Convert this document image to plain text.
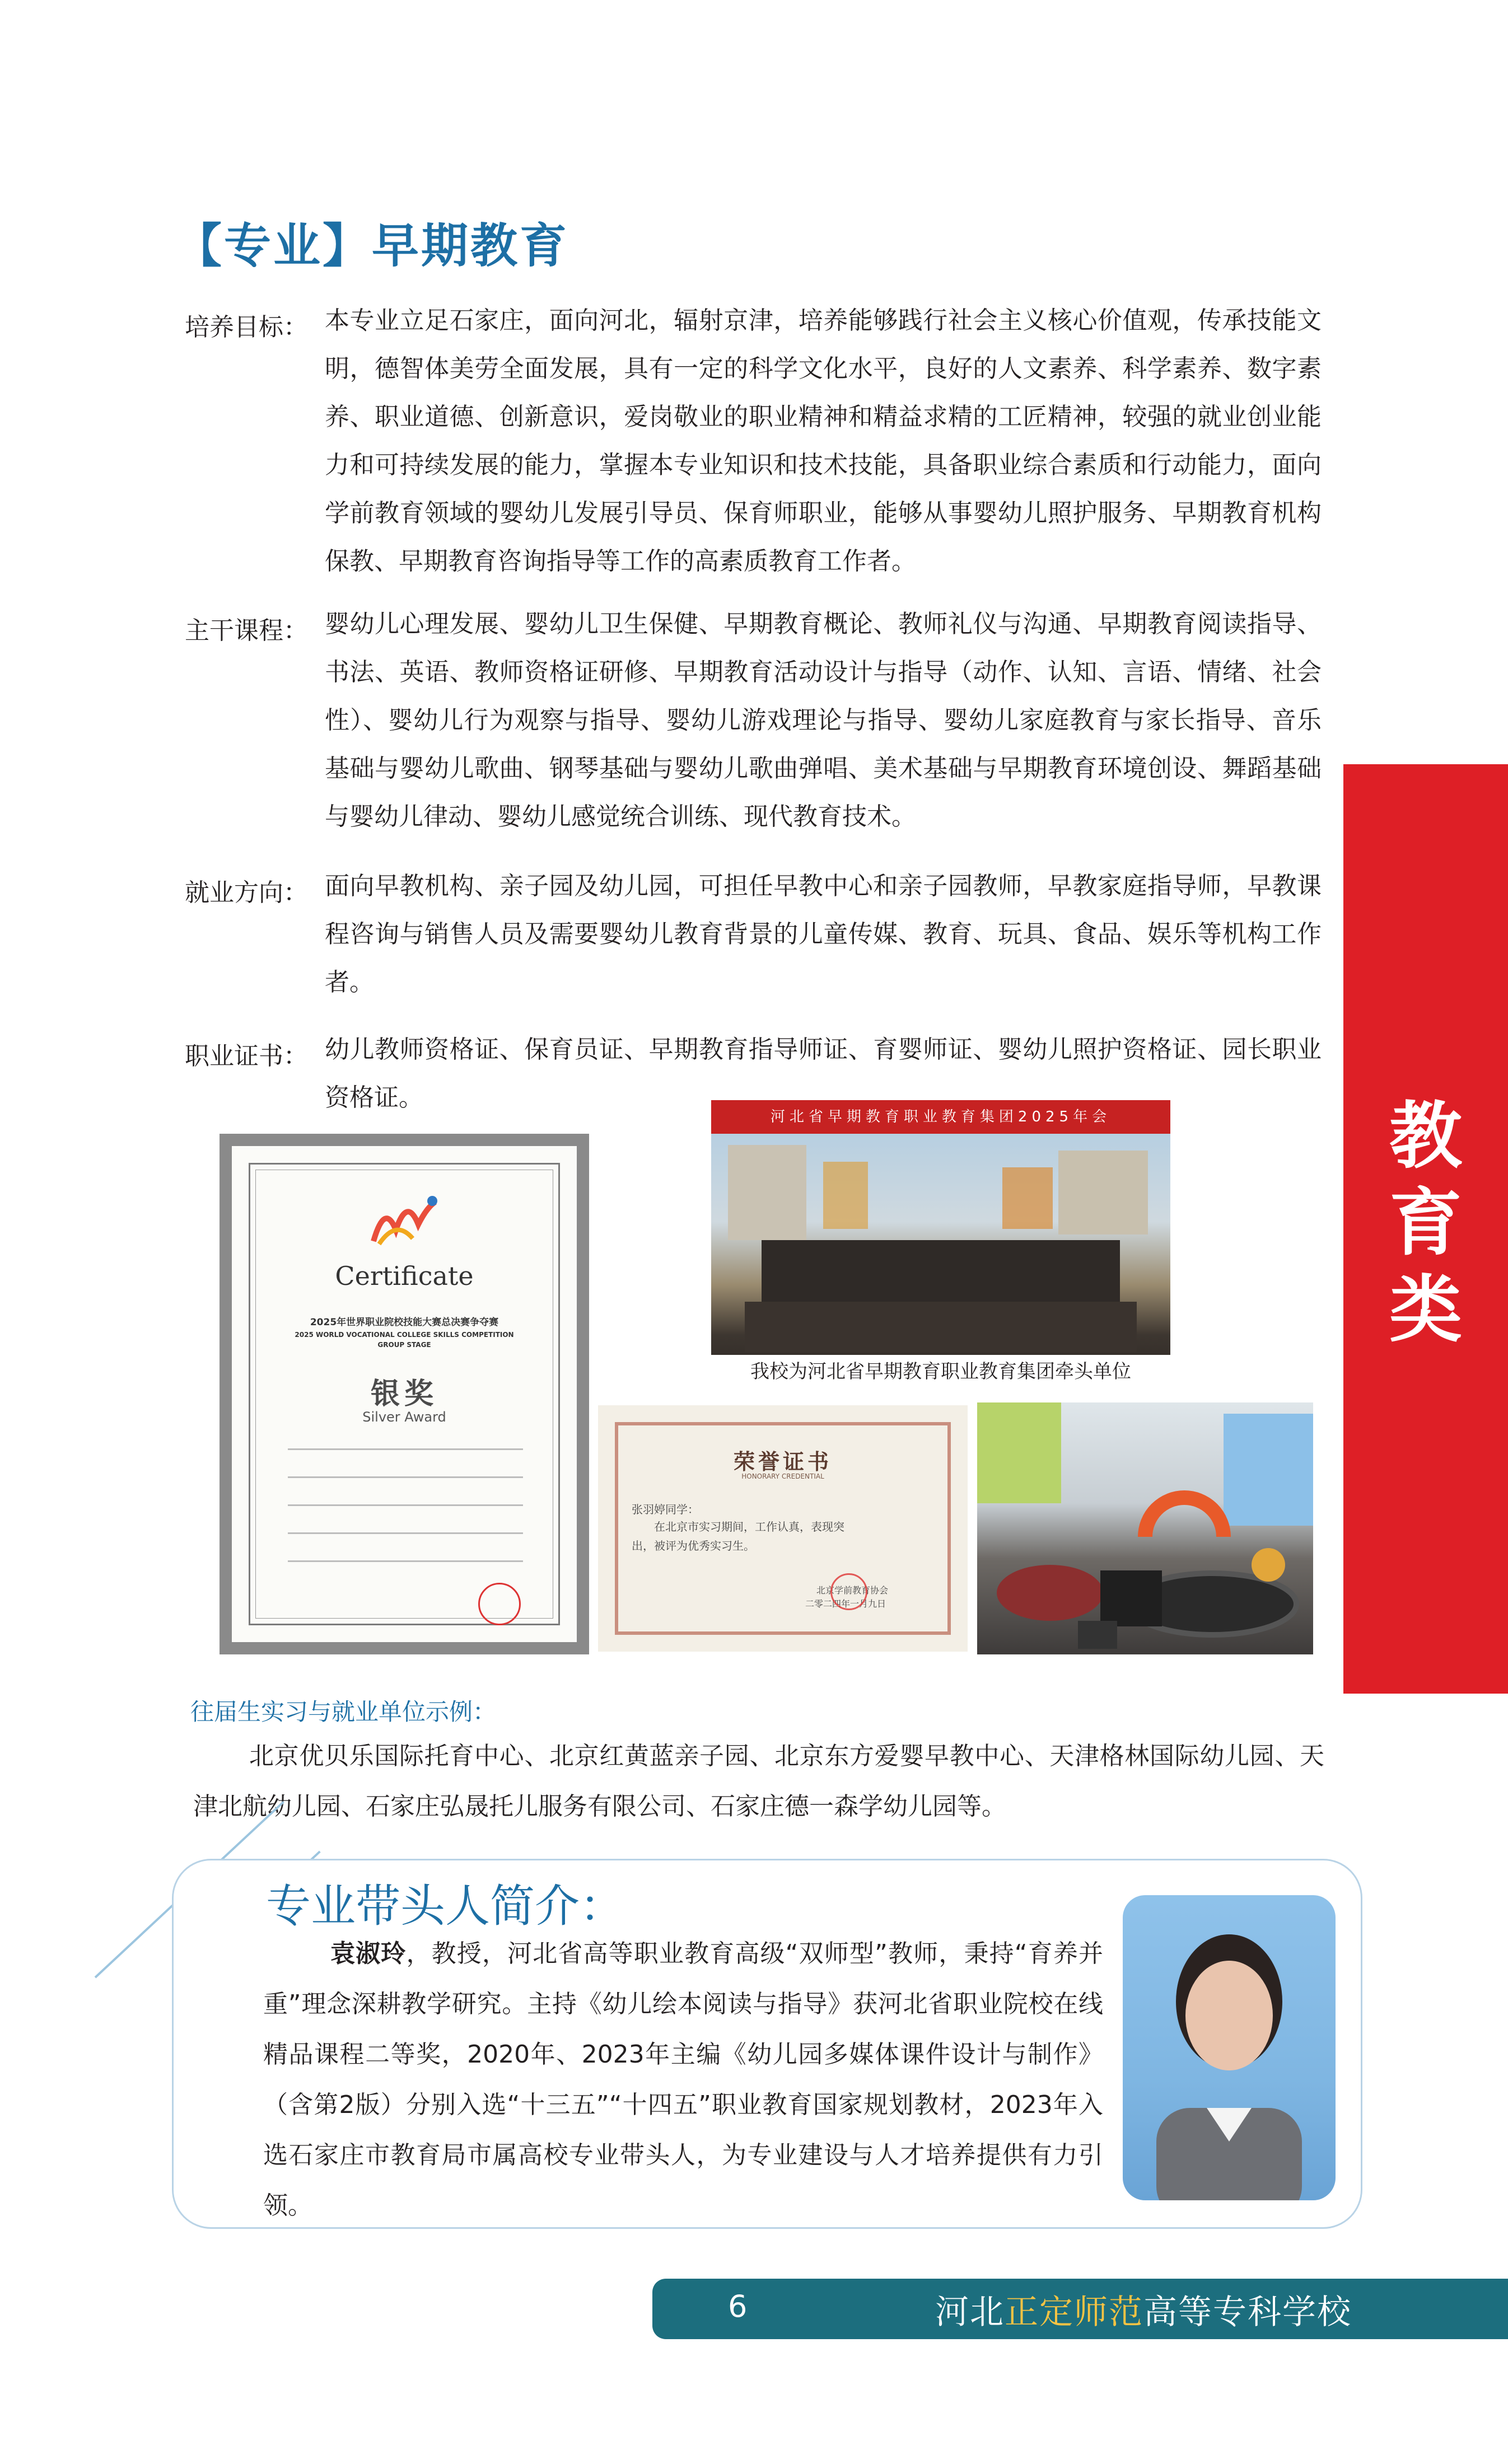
【专业】早期教育
培养目标： 本专业立足石家庄，面向河北，辐射京津，培养能够践行社会主义核心价值观，传承技能文明，德智体美劳全面发展，具有一定的科学文化水平，良好的人文素养、科学素养、数字素养、职业道德、创新意识，爱岗敬业的职业精神和精益求精的工匠精神，较强的就业创业能力和可持续发展的能力，掌握本专业知识和技术技能，具备职业综合素质和行动能力，面向学前教育领域的婴幼儿发展引导员、保育师职业，能够从事婴幼儿照护服务、早期教育机构保教、早期教育咨询指导等工作的高素质教育工作者。
主干课程： 婴幼儿心理发展、婴幼儿卫生保健、早期教育概论、教师礼仪与沟通、早期教育阅读指导、书法、英语、教师资格证研修、早期教育活动设计与指导（动作、认知、言语、情绪、社会性）、婴幼儿行为观察与指导、婴幼儿游戏理论与指导、婴幼儿家庭教育与家长指导、音乐基础与婴幼儿歌曲、钢琴基础与婴幼儿歌曲弹唱、美术基础与早期教育环境创设、舞蹈基础与婴幼儿律动、婴幼儿感觉统合训练、现代教育技术。
就业方向： 面向早教机构、亲子园及幼儿园，可担任早教中心和亲子园教师，早教家庭指导师，早教课程咨询与销售人员及需要婴幼儿教育背景的儿童传媒、教育、玩具、食品、娱乐等机构工作者。
职业证书： 幼儿教师资格证、保育员证、早期教育指导师证、育婴师证、婴幼儿照护资格证、园长职业资格证。	教
育
类
Certificate
2025年世界职业院校技能大赛总决赛争夺赛
2025 WORLD VOCATIONAL COLLEGE SKILLS COMPETITION GROUP STAGE
银奖
Silver Award
河北省早期教育职业教育集团2025年会
我校为河北省早期教育职业教育集团牵头单位
荣誉证书
HONORARY CREDENTIAL
张羽婷同学：
在北京市实习期间，工作认真，表现突出，被评为优秀实习生。
北京学前教育协会
二零二四年一月九日
往届生实习与就业单位示例：
北京优贝乐国际托育中心、北京红黄蓝亲子园、北京东方爱婴早教中心、天津格林国际幼儿园、天津北航幼儿园、石家庄弘晟托儿服务有限公司、石家庄德一森学幼儿园等。
专业带头人简介：
袁淑玲，教授，河北省高等职业教育高级“双师型”教师，秉持“育养并重”理念深耕教学研究。主持《幼儿绘本阅读与指导》获河北省职业院校在线精品课程二等奖，2020年、2023年主编《幼儿园多媒体课件设计与制作》（含第2版）分别入选“十三五”“十四五”职业教育国家规划教材，2023年入选石家庄市教育局市属高校专业带头人，为专业建设与人才培养提供有力引领。
6	河北正定师范高等专科学校
